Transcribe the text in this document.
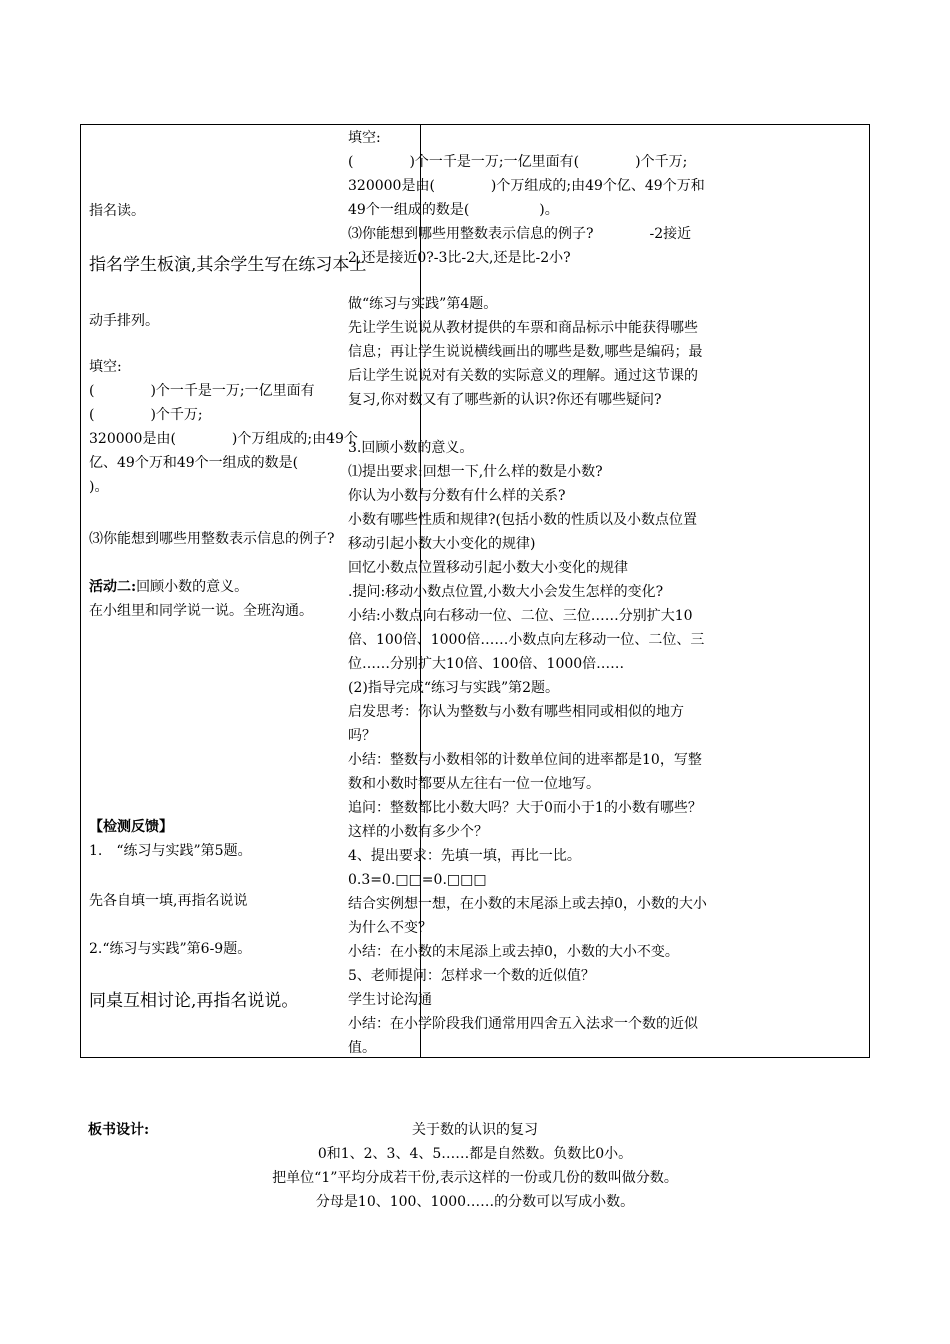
指名读。
指名学生板演,其余学生写在练习本上
动手排列。
填空:
(　　　　)个一千是一万;一亿里面有
(　　　　)个千万;
320000是由(　　　　)个万组成的;由49个
亿、49个万和49个一组成的数是(
)。
⑶你能想到哪些用整数表示信息的例子?
活动二:回顾小数的意义。
在小组里和同学说一说。全班沟通。
【检测反馈】
1.　“练习与实践”第5题。
先各自填一填,再指名说说
2.“练习与实践”第6-9题。
同桌互相讨论,再指名说说。
填空:
(　　　　)个一千是一万;一亿里面有(　　　　)个千万;
320000是由(　　　　)个万组成的;由49个亿、49个万和
49个一组成的数是(　　　　　)。
⑶你能想到哪些用整数表示信息的例子?　　　　-2接近
2,还是接近0?-3比-2大,还是比-2小?
做“练习与实践”第4题。
先让学生说说从教材提供的车票和商品标示中能获得哪些
信息；再让学生说说横线画出的哪些是数,哪些是编码；最
后让学生说说对有关数的实际意义的理解。通过这节课的
复习,你对数又有了哪些新的认识?你还有哪些疑问?
3.回顾小数的意义。
⑴提出要求:回想一下,什么样的数是小数?
你认为小数与分数有什么样的关系?
小数有哪些性质和规律?(包括小数的性质以及小数点位置
移动引起小数大小变化的规律)
回忆小数点位置移动引起小数大小变化的规律
.提问:移动小数点位置,小数大小会发生怎样的变化?
小结:小数点向右移动一位、二位、三位……分别扩大10
倍、100倍、1000倍……小数点向左移动一位、二位、三
位……分别扩大10倍、100倍、1000倍……
(2)指导完成“练习与实践”第2题。
启发思考：你认为整数与小数有哪些相同或相似的地方
吗？
小结：整数与小数相邻的计数单位间的进率都是10，写整
数和小数时都要从左往右一位一位地写。
追问：整数都比小数大吗？大于0而小于1的小数有哪些？
这样的小数有多少个？
4、提出要求：先填一填，再比一比。
0.3=0.□□=0.□□□
结合实例想一想，在小数的末尾添上或去掉0，小数的大小
为什么不变？
小结：在小数的末尾添上或去掉0，小数的大小不变。
5、老师提问：怎样求一个数的近似值？
学生讨论沟通
小结：在小学阶段我们通常用四舍五入法求一个数的近似
值。
板书设计:	关于数的认识的复习
0和1、2、3、4、5……都是自然数。负数比0小。
把单位“1”平均分成若干份,表示这样的一份或几份的数叫做分数。
分母是10、100、1000……的分数可以写成小数。
